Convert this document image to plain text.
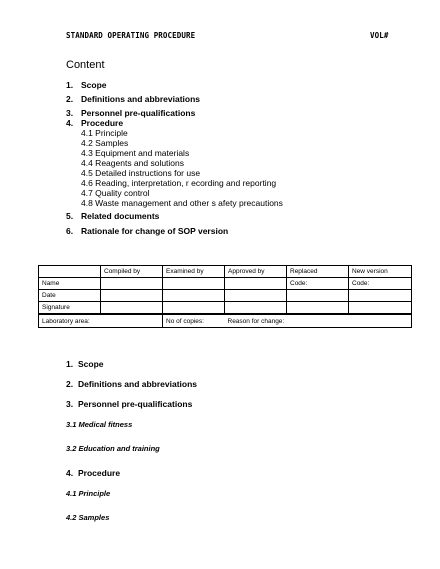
STANDARD OPERATING PROCEDURE	VOL#
Content
1. Scope
2. Definitions and abbreviations
3. Personnel pre-qualifications
4. Procedure
4.1 Principle
4.2 Samples
4.3 Equipment and materials
4.4 Reagents and solutions
4.5 Detailed instructions for use
4.6 Reading, interpretation, r ecording and reporting
4.7 Quality control
4.8 Waste management and other s afety precautions
5. Related documents
6. Rationale for change of SOP version
	Compiled by	Examined by	Approved by	Replaced	New version
Name				Code:	Code:
Date					
Signature					
Laboratory area:		No of copies:	Reason for change:		
1. Scope
2. Definitions and abbreviations
3. Personnel pre-qualifications
3.1 Medical fitness
3.2 Education and training
4. Procedure
4.1 Principle
4.2 Samples
